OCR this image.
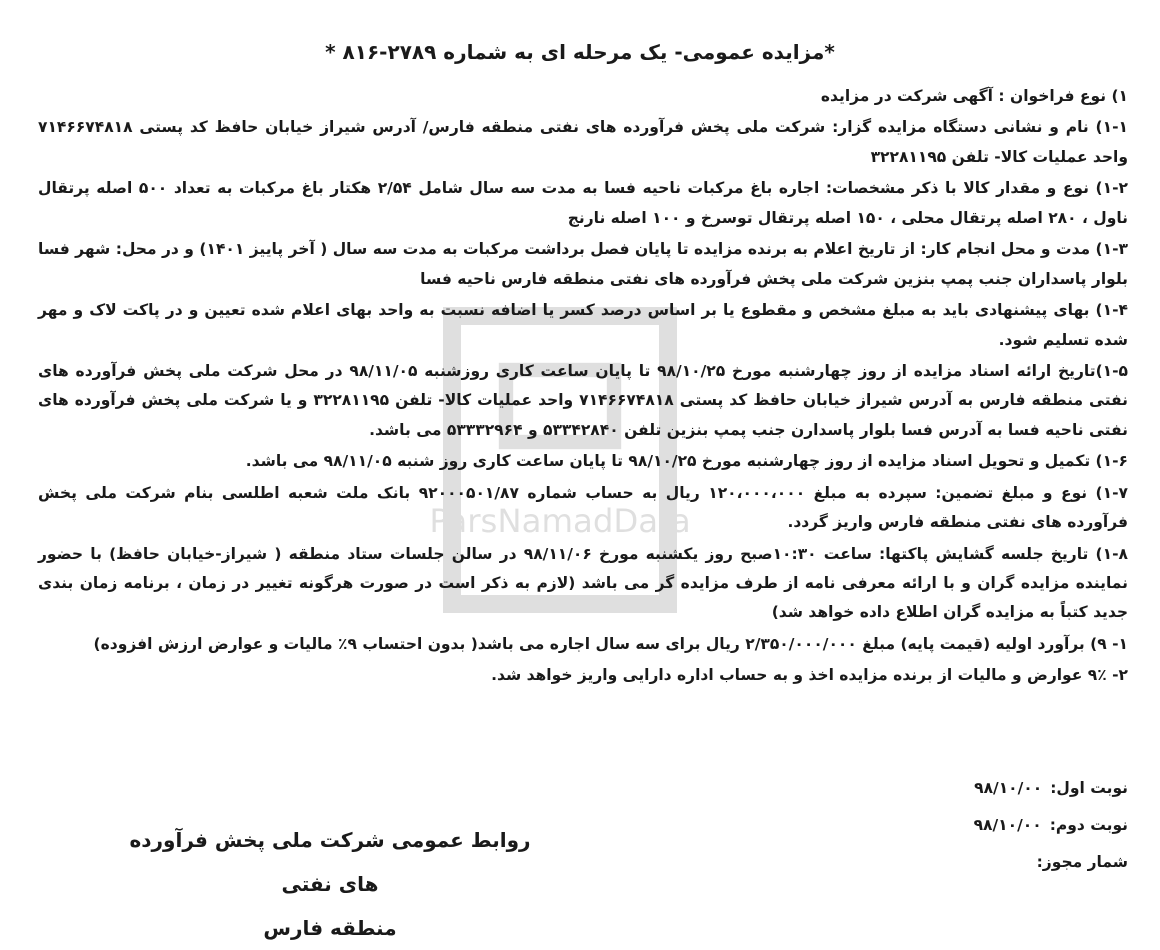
ParsNamadData
* مزایده عمومی- یک مرحله ای به شماره ۲۷۸۹-۸۱۶*

۱) نوع فراخوان : آگهی شرکت در مزایده

۱-۱) نام و نشانی دستگاه مزایده گزار: شرکت ملی پخش فرآورده های نفتی منطقه فارس/ آدرس شیراز خیابان حافظ کد پستی ۷۱۴۶۶۷۴۸۱۸ واحد عملیات کالا- تلفن ۳۲۲۸۱۱۹۵

۱-۲) نوع و مقدار کالا با ذکر مشخصات: اجاره باغ مرکبات ناحیه فسا به مدت سه سال شامل ۲/۵۴ هکتار باغ مرکبات به تعداد ۵۰۰ اصله پرتقال ناول ، ۲۸۰ اصله پرتقال محلی ، ۱۵۰ اصله پرتقال توسرخ و ۱۰۰ اصله نارنج

۱-۳) مدت و محل انجام کار: از تاریخ اعلام به برنده مزایده تا پایان فصل برداشت مرکبات به مدت سه سال ( آخر پاییز ۱۴۰۱) و در محل: شهر فسا بلوار پاسداران جنب پمپ بنزین شرکت ملی پخش فرآورده های نفتی منطقه فارس ناحیه فسا

۱-۴) بهای پیشنهادی باید به مبلغ مشخص و مقطوع یا بر اساس درصد کسر یا اضافه نسبت به واحد بهای اعلام شده تعیین و در پاکت لاک و مهر شده تسلیم شود.

۱-۵)تاریخ ارائه اسناد مزایده از روز چهارشنبه مورخ ۹۸/۱۰/۲۵ تا پایان ساعت کاری روزشنبه ۹۸/۱۱/۰۵ در محل شرکت ملی پخش فرآورده های نفتی منطقه فارس به آدرس شیراز خیابان حافظ کد پستی ۷۱۴۶۶۷۴۸۱۸ واحد عملیات کالا- تلفن ۳۲۲۸۱۱۹۵ و یا شرکت ملی پخش فرآورده های نفتی ناحیه فسا به آدرس فسا بلوار پاسدارن جنب پمپ بنزین تلفن ۵۳۳۴۲۸۴۰ و ۵۳۳۳۲۹۶۴ می باشد.

۱-۶) تکمیل و تحویل اسناد مزایده از روز چهارشنبه مورخ ۹۸/۱۰/۲۵ تا پایان ساعت کاری روز شنبه ۹۸/۱۱/۰۵ می باشد.

۱-۷) نوع و مبلغ تضمین: سپرده به مبلغ ۱۲۰،۰۰۰،۰۰۰ ریال به حساب شماره ۹۲۰۰۰۵۰۱/۸۷ بانک ملت شعبه اطلسی بنام شرکت ملی پخش فرآورده های نفتی منطقه فارس واریز گردد.

۱-۸) تاریخ جلسه گشایش پاکتها: ساعت ۱۰:۳۰صبح روز یکشنبه مورخ ۹۸/۱۱/۰۶ در سالن جلسات ستاد منطقه ( شیراز-خیابان حافظ) با حضور نماینده مزایده گران و با ارائه معرفی نامه از طرف مزایده گر می باشد (لازم به ذکر است در صورت هرگونه تغییر در زمان ، برنامه زمان بندی جدید کتباً به مزایده گران اطلاع داده خواهد شد)

۱- ۹) برآورد اولیه (قیمت پایه) مبلغ ۲/۳۵۰/۰۰۰/۰۰۰ ریال برای سه سال اجاره می باشد( بدون احتساب ۹٪ مالیات و عوارض ارزش افزوده)

۲- ۹٪ عوارض و مالیات از برنده مزایده اخذ و به حساب اداره دارایی واریز خواهد شد.

نوبت اول:
۹۸/۱۰/۰۰
نوبت دوم:
۹۸/۱۰/۰۰
شمار مجوز:
روابط عمومی شرکت ملی پخش فرآورده های نفتی
منطقه فارس
